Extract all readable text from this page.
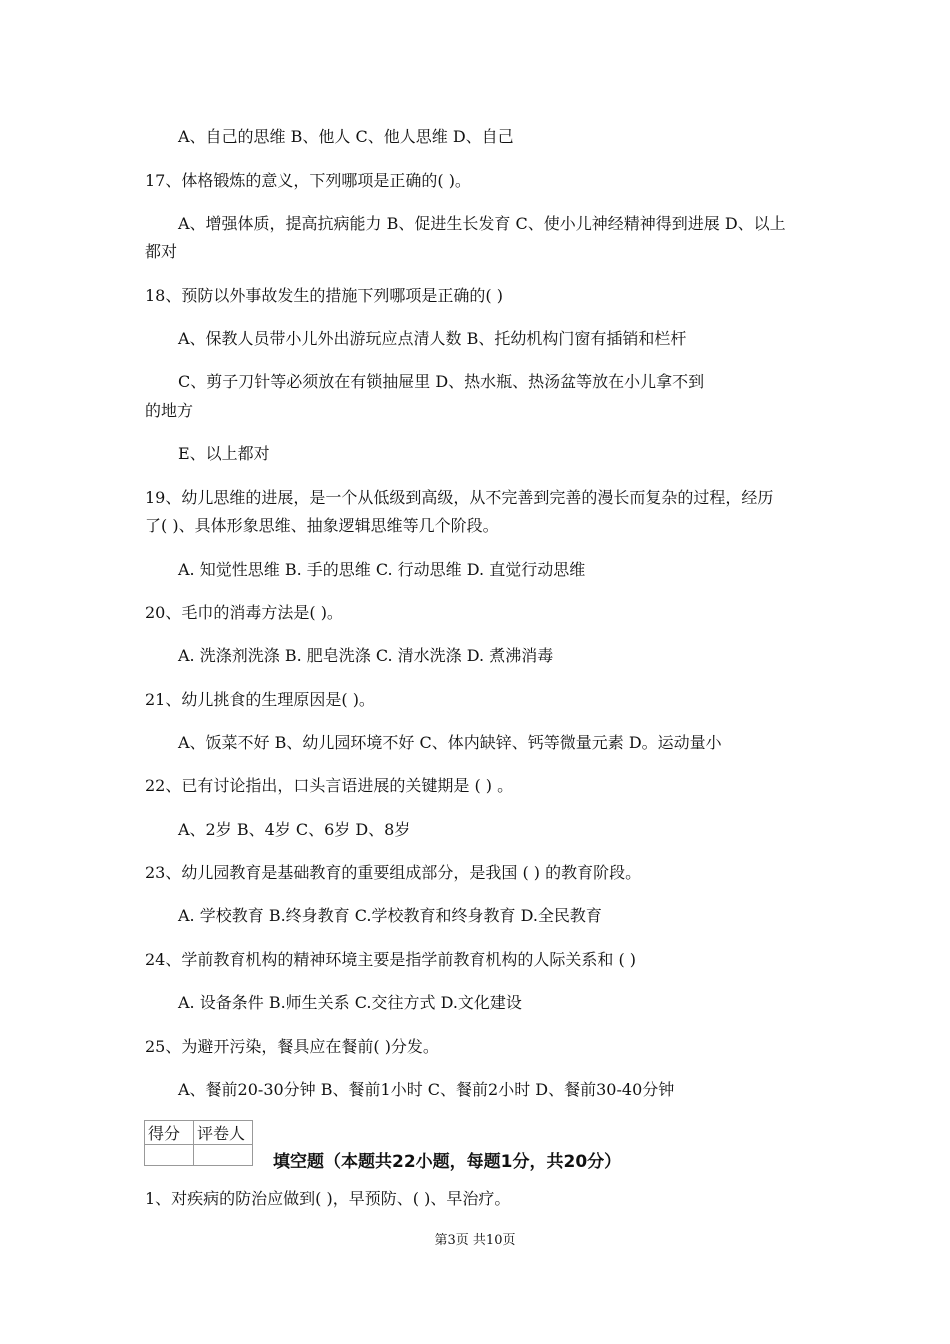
A、自己的思维 B、他人 C、他人思维 D、自己
17、体格锻炼的意义，下列哪项是正确的( )。
A、增强体质，提高抗病能力 B、促进生长发育 C、使小儿神经精神得到进展 D、以上
都对
18、预防以外事故发生的措施下列哪项是正确的( )
A、保教人员带小儿外出游玩应点清人数 B、托幼机构门窗有插销和栏杆
C、剪子刀针等必须放在有锁抽屉里 D、热水瓶、热汤盆等放在小儿拿不到
的地方
E、以上都对
19、幼儿思维的进展，是一个从低级到高级，从不完善到完善的漫长而复杂的过程，经历
了( )、具体形象思维、抽象逻辑思维等几个阶段。
A. 知觉性思维 B. 手的思维 C. 行动思维 D. 直觉行动思维
20、毛巾的消毒方法是( )。
A. 洗涤剂洗涤 B. 肥皂洗涤 C. 清水洗涤 D. 煮沸消毒
21、幼儿挑食的生理原因是( )。
A、饭菜不好 B、幼儿园环境不好 C、体内缺锌、钙等微量元素 D。运动量小
22、已有讨论指出，口头言语进展的关键期是 ( ) 。
A、2岁 B、4岁 C、6岁 D、8岁
23、幼儿园教育是基础教育的重要组成部分，是我国 ( ) 的教育阶段。
A. 学校教育 B.终身教育 C.学校教育和终身教育 D.全民教育
24、学前教育机构的精神环境主要是指学前教育机构的人际关系和 ( )
A. 设备条件 B.师生关系 C.交往方式 D.文化建设
25、为避开污染，餐具应在餐前( )分发。
A、餐前20-30分钟 B、餐前1小时 C、餐前2小时 D、餐前30-40分钟
得分	评卷人

填空题（本题共22小题，每题1分，共20分）
1、对疾病的防治应做到( )，早预防、( )、早治疗。
第3页 共10页
